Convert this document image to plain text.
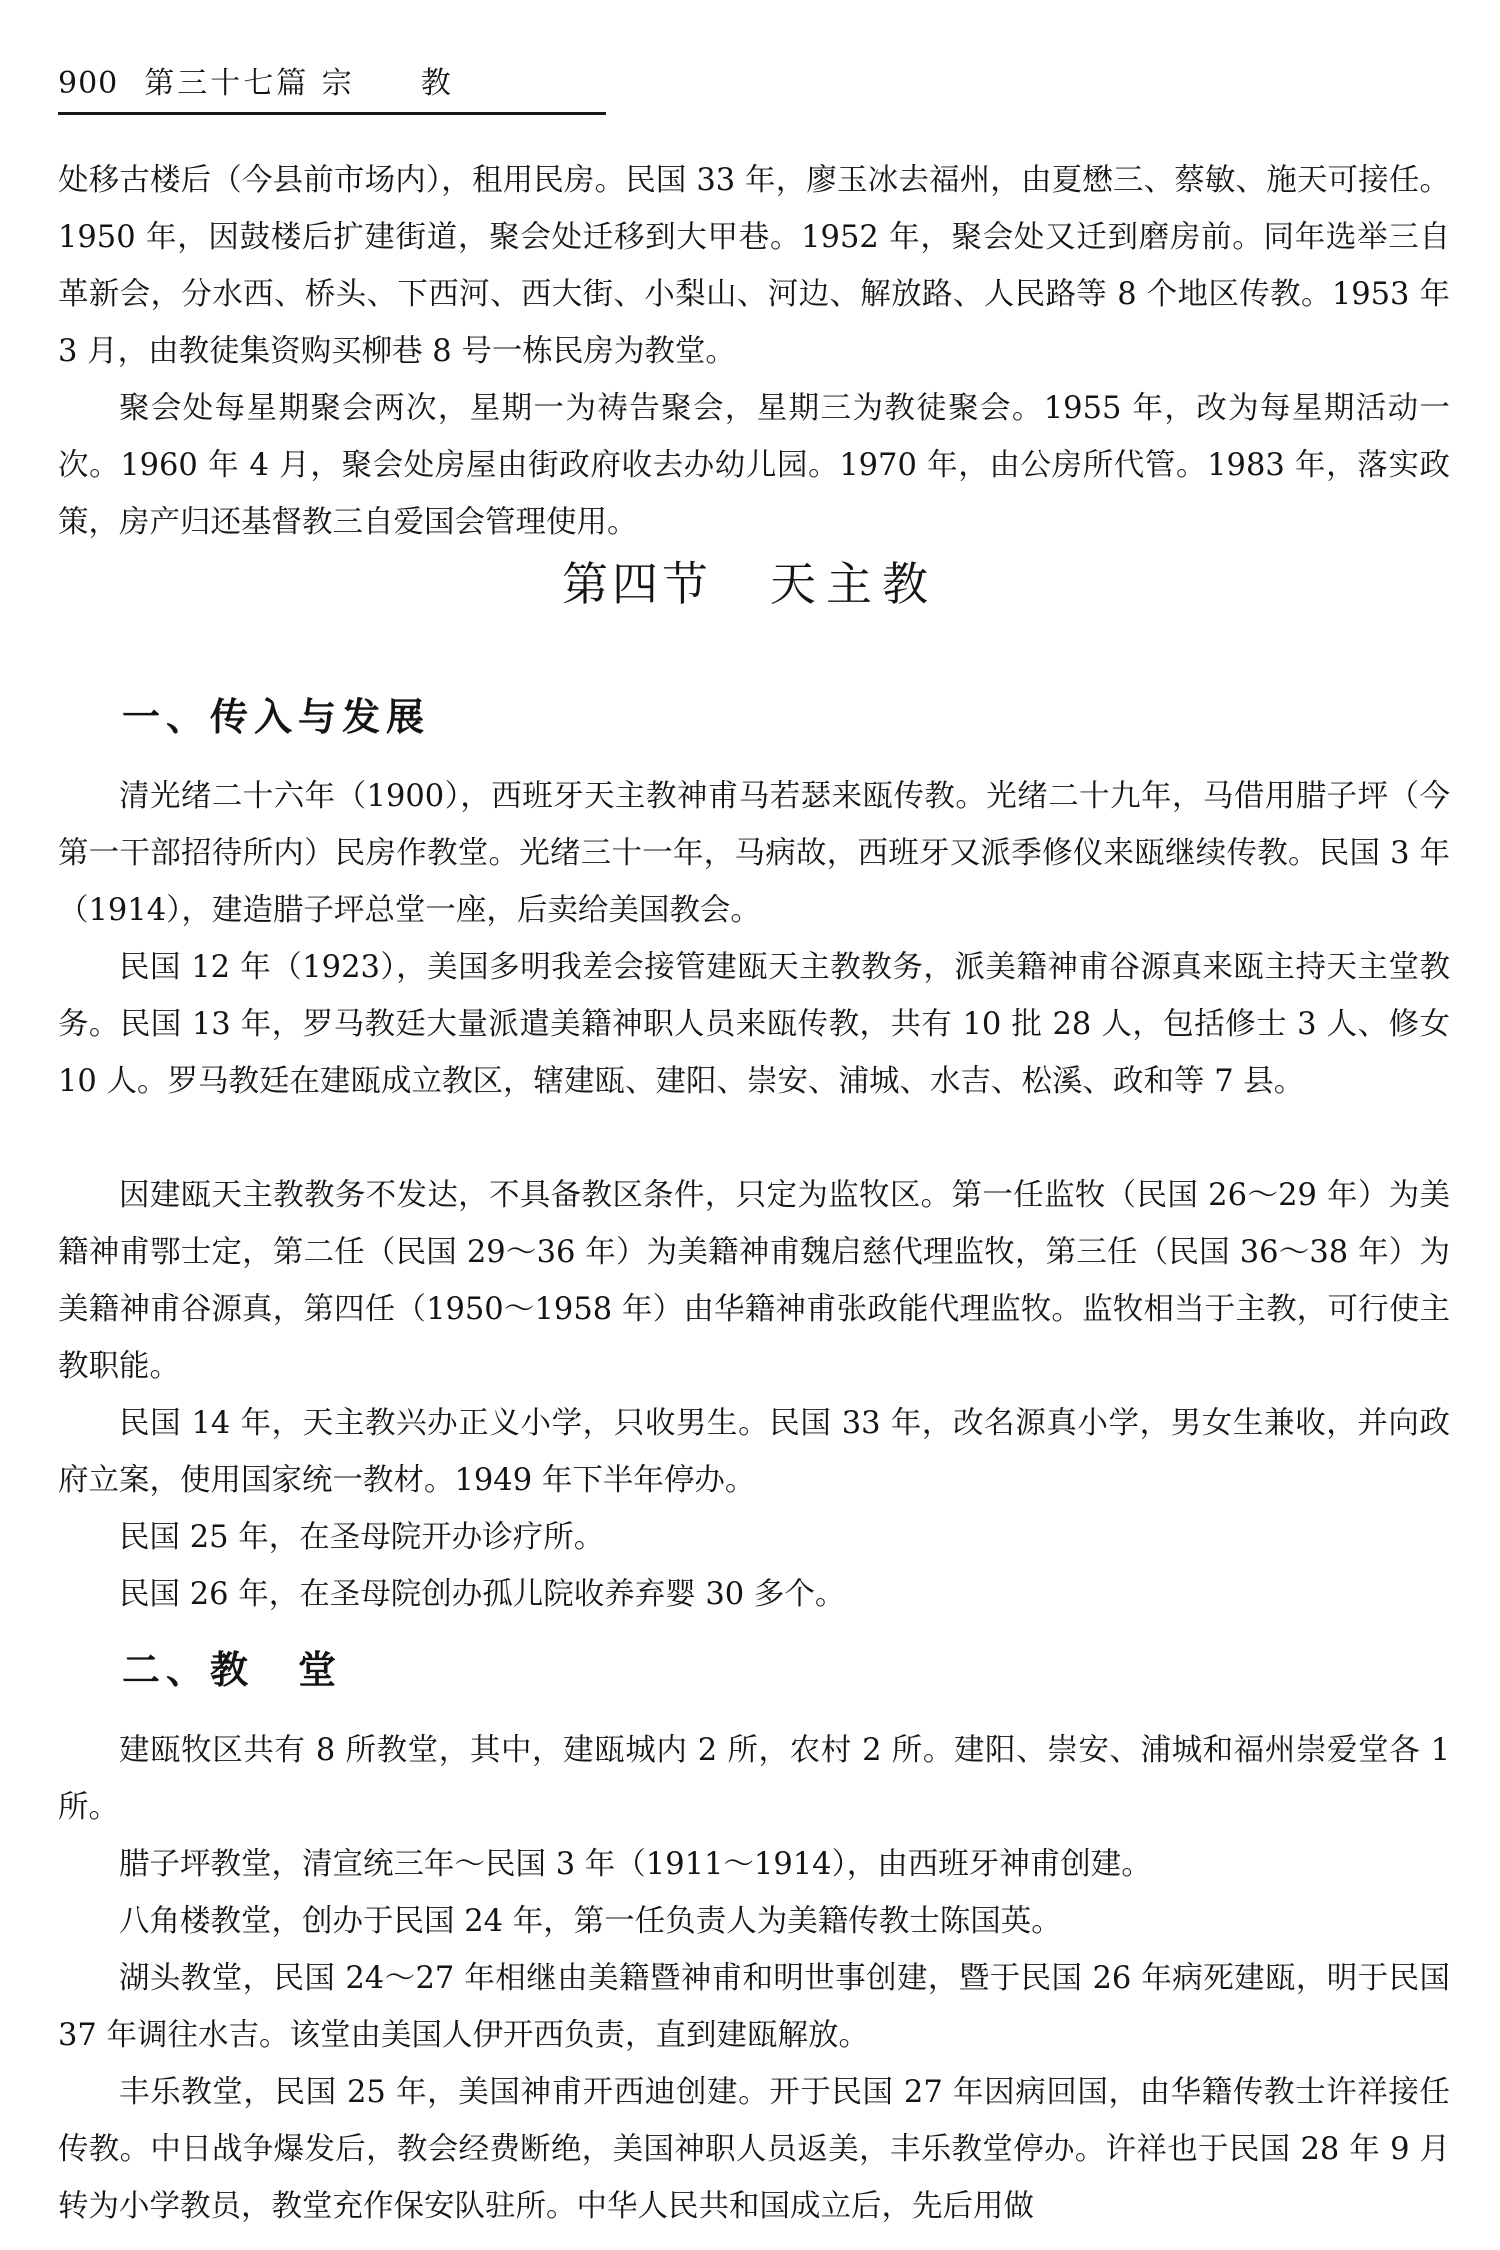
900 第三十七篇 宗　　教

处移古楼后（今县前市场内），租用民房。民国 33 年，廖玉冰去福州，由夏懋三、蔡敏、施天可接任。1950 年，因鼓楼后扩建街道，聚会处迁移到大甲巷。1952 年，聚会处又迁到磨房前。同年选举三自革新会，分水西、桥头、下西河、西大街、小梨山、河边、解放路、人民路等 8 个地区传教。1953 年 3 月，由教徒集资购买柳巷 8 号一栋民房为教堂。

聚会处每星期聚会两次，星期一为祷告聚会，星期三为教徒聚会。1955 年，改为每星期活动一次。1960 年 4 月，聚会处房屋由街政府收去办幼儿园。1970 年，由公房所代管。1983 年，落实政策，房产归还基督教三自爱国会管理使用。

第四节 天主教
一、传入与发展

清光绪二十六年（1900），西班牙天主教神甫马若瑟来瓯传教。光绪二十九年，马借用腊子坪（今第一干部招待所内）民房作教堂。光绪三十一年，马病故，西班牙又派季修仪来瓯继续传教。民国 3 年（1914），建造腊子坪总堂一座，后卖给美国教会。

民国 12 年（1923），美国多明我差会接管建瓯天主教教务，派美籍神甫谷源真来瓯主持天主堂教务。民国 13 年，罗马教廷大量派遣美籍神职人员来瓯传教，共有 10 批 28 人，包括修士 3 人、修女 10 人。罗马教廷在建瓯成立教区，辖建瓯、建阳、崇安、浦城、水吉、松溪、政和等 7 县。

因建瓯天主教教务不发达，不具备教区条件，只定为监牧区。第一任监牧（民国 26～29 年）为美籍神甫鄂士定，第二任（民国 29～36 年）为美籍神甫魏启慈代理监牧，第三任（民国 36～38 年）为美籍神甫谷源真，第四任（1950～1958 年）由华籍神甫张政能代理监牧。监牧相当于主教，可行使主教职能。

民国 14 年，天主教兴办正义小学，只收男生。民国 33 年，改名源真小学，男女生兼收，并向政府立案，使用国家统一教材。1949 年下半年停办。

民国 25 年，在圣母院开办诊疗所。

民国 26 年，在圣母院创办孤儿院收养弃婴 30 多个。

二、教　堂

建瓯牧区共有 8 所教堂，其中，建瓯城内 2 所，农村 2 所。建阳、崇安、浦城和福州崇爱堂各 1 所。

腊子坪教堂，清宣统三年～民国 3 年（1911～1914），由西班牙神甫创建。

八角楼教堂，创办于民国 24 年，第一任负责人为美籍传教士陈国英。

湖头教堂，民国 24～27 年相继由美籍暨神甫和明世事创建，暨于民国 26 年病死建瓯，明于民国 37 年调往水吉。该堂由美国人伊开西负责，直到建瓯解放。

丰乐教堂，民国 25 年，美国神甫开西迪创建。开于民国 27 年因病回国，由华籍传教士许祥接任传教。中日战争爆发后，教会经费断绝，美国神职人员返美，丰乐教堂停办。许祥也于民国 28 年 9 月转为小学教员，教堂充作保安队驻所。中华人民共和国成立后，先后用做
